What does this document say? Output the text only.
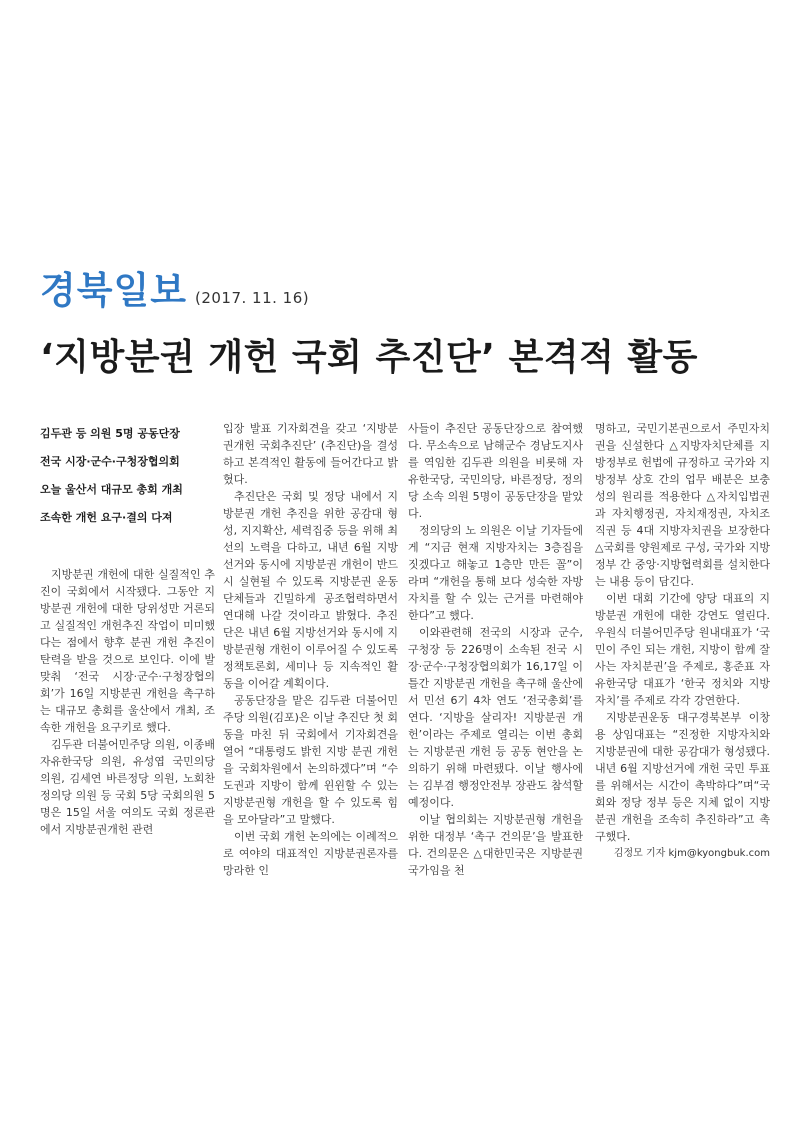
경북일보 (2017. 11. 16)
‘지방분권 개헌 국회 추진단’ 본격적 활동
김두관 등 의원 5명 공동단장
전국 시장·군수·구청장협의회
오늘 울산서 대규모 총회 개최
조속한 개헌 요구·결의 다져

지방분권 개헌에 대한 실질적인 추진이 국회에서 시작됐다. 그동안 지방분권 개헌에 대한 당위성만 거론되고 실질적인 개헌추진 작업이 미미했다는 점에서 향후 분권 개헌 추진이 탄력을 받을 것으로 보인다. 이에 발맞춰 ‘전국 시장·군수·구청장협의회’가 16일 지방분권 개헌을 촉구하는 대규모 총회를 울산에서 개최, 조속한 개헌을 요구키로 했다.

김두관 더불어민주당 의원, 이종배 자유한국당 의원, 유성엽 국민의당 의원, 김세연 바른정당 의원, 노회찬 정의당 의원 등 국회 5당 국회의원 5명은 15일 서울 여의도 국회 정론관에서 지방분권개헌 관련

입장 발표 기자회견을 갖고 ‘지방분권개헌 국회추진단’ (추진단)을 결성하고 본격적인 활동에 들어간다고 밝혔다.

추진단은 국회 및 정당 내에서 지방분권 개헌 추진을 위한 공감대 형성, 지지확산, 세력집중 등을 위해 최선의 노력을 다하고, 내년 6월 지방선거와 동시에 지방분권 개헌이 반드시 실현될 수 있도록 지방분권 운동 단체들과 긴밀하게 공조협력하면서 연대해 나갈 것이라고 밝혔다. 추진단은 내년 6월 지방선거와 동시에 지방분권형 개헌이 이루어질 수 있도록 정책토론회, 세미나 등 지속적인 활동을 이어갈 계획이다.

공동단장을 맡은 김두관 더불어민주당 의원(김포)은 이날 추진단 첫 회동을 마친 뒤 국회에서 기자회견을 열어 “대통령도 밝힌 지방 분권 개헌을 국회차원에서 논의하겠다”며 “수도권과 지방이 함께 윈윈할 수 있는 지방분권형 개헌을 할 수 있도록 힘을 모아달라”고 말했다.

이번 국회 개헌 논의에는 이례적으로 여야의 대표적인 지방분권론자를 망라한 인

사들이 추진단 공동단장으로 참여했다. 무소속으로 남해군수 경남도지사를 역임한 김두관 의원을 비롯해 자유한국당, 국민의당, 바른정당, 정의당 소속 의원 5명이 공동단장을 맡았다.

정의당의 노 의원은 이날 기자들에게 “지금 현재 지방자치는 3층집을 짓겠다고 해놓고 1층만 만든 꼴”이라며 “개헌을 통해 보다 성숙한 자방자치를 할 수 있는 근거를 마련해야 한다”고 했다.

이와관련해 전국의 시장과 군수, 구청장 등 226명이 소속된 전국 시장·군수·구청장협의회가 16,17일 이틀간 지방분권 개헌을 촉구해 울산에서 민선 6기 4차 연도 ‘전국총회’를 연다. ‘지방을 살리자! 지방분권 개헌’이라는 주제로 열리는 이번 총회는 지방분권 개헌 등 공동 현안을 논의하기 위해 마련됐다. 이날 행사에는 김부겸 행정안전부 장관도 참석할 예정이다.

이날 협의회는 지방분권형 개헌을 위한 대정부 ‘촉구 건의문’을 발표한다. 건의문은 △대한민국은 지방분권 국가임을 천

명하고, 국민기본권으로서 주민자치권을 신설한다 △지방자치단체를 지방정부로 헌법에 규정하고 국가와 지방정부 상호 간의 업무 배분은 보충성의 원리를 적용한다 △자치입법권과 자치행정권, 자치재정권, 자치조직권 등 4대 지방자치권을 보장한다 △국회를 양원제로 구성, 국가와 지방정부 간 중앙·지방협력회를 설치한다는 내용 등이 담긴다.

이번 대회 기간에 양당 대표의 지방분권 개헌에 대한 강연도 열린다. 우원식 더불어민주당 원내대표가 ‘국민이 주인 되는 개헌, 지방이 함께 잘사는 자치분권’을 주제로, 홍준표 자유한국당 대표가 ‘한국 정치와 지방자치’를 주제로 각각 강연한다.

지방분권운동 대구경북본부 이창용 상임대표는 “진정한 지방자치와 지방분권에 대한 공감대가 형성됐다. 내년 6월 지방선거에 개헌 국민 투표를 위해서는 시간이 촉박하다”며“국회와 정당 정부 등은 지체 없이 지방분권 개헌을 조속히 추진하라”고 촉구했다.

김정모 기자 kjm@kyongbuk.com
